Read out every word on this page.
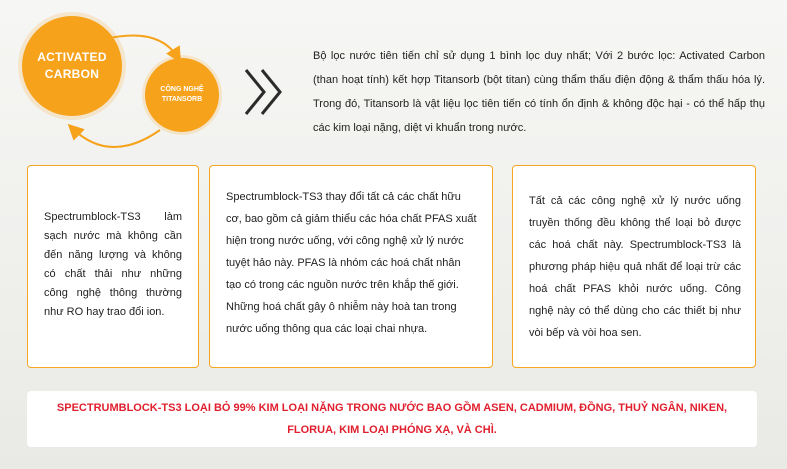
ACTIVATED
CARBON
CÔNG NGHỆ
TITANSORB
Bộ lọc nước tiên tiến chỉ sử dụng 1 bình lọc duy nhất; Với 2 bước lọc: Activated Carbon (than hoạt tính) kết hợp Titansorb (bột titan) cùng thẩm thấu điện động & thẩm thấu hóa lý. Trong đó, Titansorb là vật liệu lọc tiên tiến có tính ổn định & không độc hại - có thể hấp thụ các kim loại nặng, diệt vi khuẩn trong nước.
Spectrumblock-TS3 làm sạch nước mà không cần đến năng lượng và không có chất thải như những công nghệ thông thường như RO hay trao đổi ion.
Spectrumblock-TS3 thay đổi tất cả các chất hữu cơ, bao gồm cả giảm thiểu các hóa chất PFAS xuất hiện trong nước uống, với công nghệ xử lý nước tuyệt hảo này. PFAS là nhóm các hoá chất nhân tạo có trong các nguồn nước trên khắp thế giới. Những hoá chất gây ô nhiễm này hoà tan trong nước uống thông qua các loại chai nhựa.
Tất cả các công nghệ xử lý nước uống truyền thống đều không thể loại bỏ được các hoá chất này. Spectrumblock-TS3 là phương pháp hiệu quả nhất để loại trừ các hoá chất PFAS khỏi nước uống. Công nghệ này có thể dùng cho các thiết bị như vòi bếp và vòi hoa sen.
SPECTRUMBLOCK-TS3 LOẠI BỎ 99% KIM LOẠI NẶNG TRONG NƯỚC BAO GỒM ASEN, CADMIUM, ĐỒNG, THUỶ NGÂN, NIKEN, FLORUA, KIM LOẠI PHÓNG XẠ, VÀ CHÌ.
